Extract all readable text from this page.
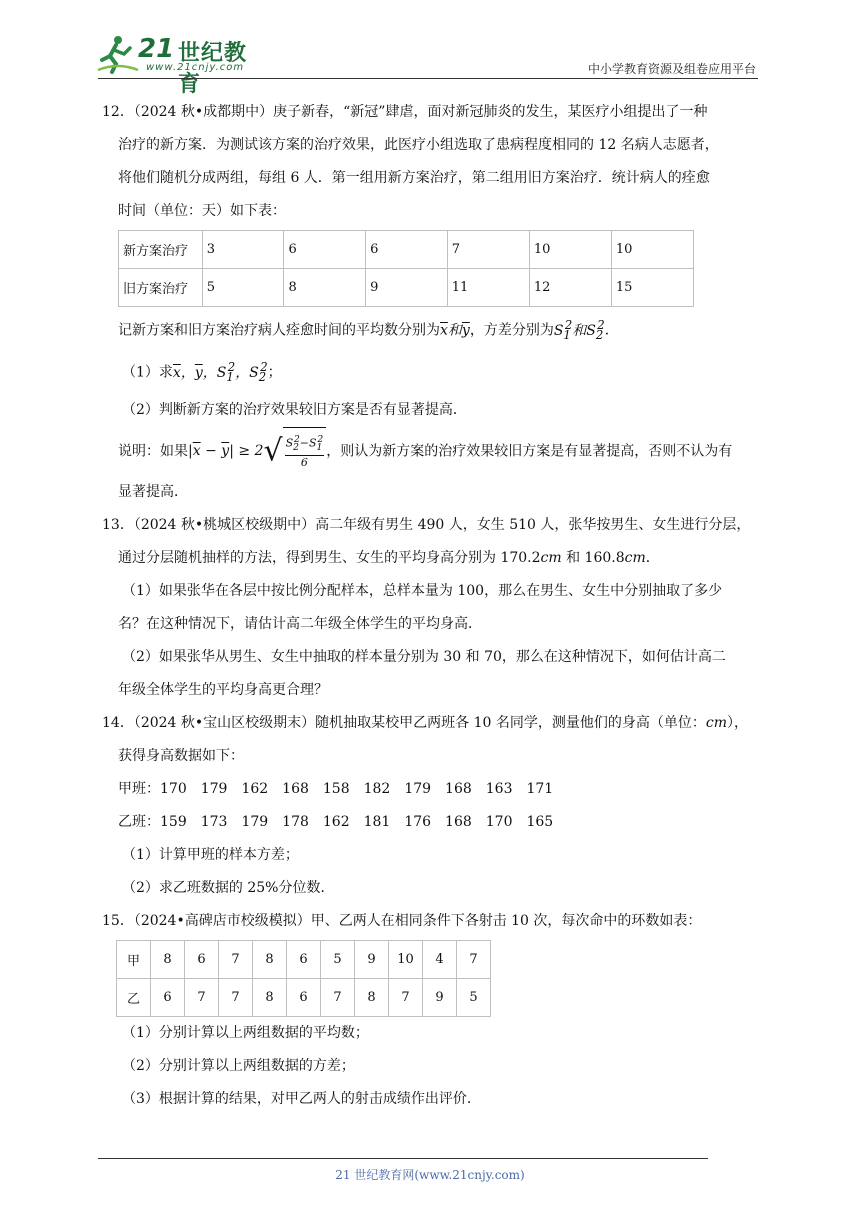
21 世纪教育
www.21cnjy.com	中小学教育资源及组卷应用平台
12．（2024 秋•成都期中）庚子新春，“新冠”肆虐，面对新冠肺炎的发生，某医疗小组提出了一种
治疗的新方案．为测试该方案的治疗效果，此医疗小组选取了患病程度相同的 12 名病人志愿者，
将他们随机分成两组，每组 6 人．第一组用新方案治疗，第二组用旧方案治疗．统计病人的痊愈
时间（单位：天）如下表：
新方案治疗	3	6	6	7	10	10
旧方案治疗	5	8	9	11	12	15
记新方案和旧方案治疗病人痊愈时间的平均数分别为$\overline{x}$和$\overline{y}$，方差分别为$S_1^2$和$S_2^2$．
（1）求$\overline{x}$，$\overline{y}$，$S_1^2$，$S_2^2$；
（2）判断新方案的治疗效果较旧方案是否有显著提高．
说明：如果$|\overline{x} - \overline{y}| \ge 2√ \frac{S_2^2-S_1^2}{6}$ ，则认为新方案的治疗效果较旧方案是有显著提高，否则不认为有
显著提高．
13．（2024 秋•桃城区校级期中）高二年级有男生 490 人，女生 510 人，张华按男生、女生进行分层，
通过分层随机抽样的方法，得到男生、女生的平均身高分别为 170.2cm 和 160.8cm．
（1）如果张华在各层中按比例分配样本，总样本量为 100，那么在男生、女生中分别抽取了多少
名？在这种情况下，请估计高二年级全体学生的平均身高．
（2）如果张华从男生、女生中抽取的样本量分别为 30 和 70，那么在这种情况下，如何估计高二
年级全体学生的平均身高更合理？
14．（2024 秋•宝山区校级期末）随机抽取某校甲乙两班各 10 名同学，测量他们的身高（单位：cm），
获得身高数据如下：
甲班：170　179　162　168　158　182　179　168　163　171
乙班：159　173　179　178　162　181　176　168　170　165
（1）计算甲班的样本方差；
（2）求乙班数据的 25%分位数．
15．（2024•高碑店市校级模拟）甲、乙两人在相同条件下各射击 10 次，每次命中的环数如表：
甲	8	6	7	8	6	5	9	10	4	7
乙	6	7	7	8	6	7	8	7	9	5
（1）分别计算以上两组数据的平均数；
（2）分别计算以上两组数据的方差；
（3）根据计算的结果，对甲乙两人的射击成绩作出评价．
21 世纪教育网(www.21cnjy.com)
